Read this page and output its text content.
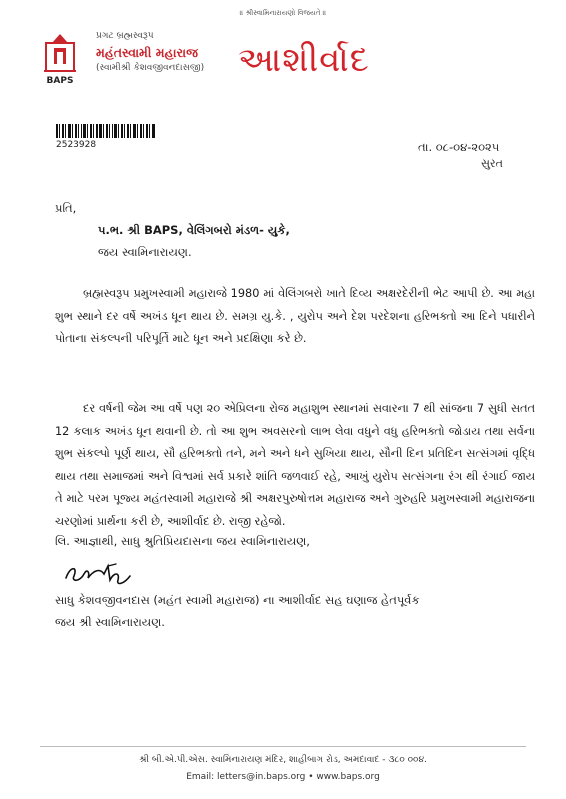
॥ શ્રીસ્વામિનારાયણો વિજયતે ॥
BAPS
પ્રગટ બ્રહ્મસ્વરૂપ
મહંતસ્વામી મહારાજ
(સ્વામીશ્રી કેશવજીવનદાસજી) આશીર્વાદ
2523928	તા. ૦૮-૦૪-૨૦૨૫
સુરત
પ્રતિ,
પ.ભ. શ્રી BAPS, વેલિંગબરો મંડળ- યુકે,
જય સ્વામિનારાયણ.
બ્રહ્મસ્વરૂપ પ્રમુખસ્વામી મહારાજે 1980 માં વેલિંગબરો ખાતે દિવ્ય અક્ષરદેરીની ભેટ આપી છે. આ મહા શુભ સ્થાને દર વર્ષે અખંડ ધૂન થાય છે. સમગ્ર યુ.કે. , યુરોપ અને દેશ પરદેશના હરિભક્તો આ દિને પધારીને પોતાના સંકલ્પની પરિપૂર્તિ માટે ધૂન અને પ્રદક્ષિણા કરે છે.
દર વર્ષની જેમ આ વર્ષે પણ ૨૦ એપ્રિલના રોજ મહાશુભ સ્થાનમાં સવારના 7 થી સાંજના 7 સુધી સતત 12 કલાક અખંડ ધૂન થવાની છે. તો આ શુભ અવસરનો લાભ લેવા વધુને વધુ હરિભક્તો જોડાય તથા સર્વના શુભ સંકલ્પો પૂર્ણ થાય, સૌ હરિભક્તો તને, મને અને ધને સુખિયા થાય, સૌની દિન પ્રતિદિન સત્સંગમાં વૃદ્ધિ થાય તથા સમાજમાં અને વિશ્વમાં સર્વ પ્રકારે શાંતિ જળવાઈ રહે, આખું યુરોપ સત્સંગના રંગ થી રંગાઈ જાય તે માટે પરમ પૂજ્ય મહંતસ્વામી મહારાજે શ્રી અક્ષરપુરુષોત્તમ મહારાજ અને ગુરુહરિ પ્રમુખસ્વામી મહારાજના ચરણોમાં પ્રાર્થના કરી છે, આશીર્વાદ છે. રાજી રહેજો.
લિ. આજ્ઞાથી, સાધુ શ્રુતિપ્રિયદાસના જય સ્વામિનારાયણ,
સાધુ કેશવજીવનદાસ (મહંત સ્વામી મહારાજ) ના આશીર્વાદ સહ ઘણાજ હેતપૂર્વક
જય શ્રી સ્વામિનારાયણ.
શ્રી બી.એ.પી.એસ. સ્વામિનારાયણ મંદિર, શાહીબાગ રોડ, અમદાવાદ - ૩૮૦ ૦૦૪.
Email: letters@in.baps.org • www.baps.org
